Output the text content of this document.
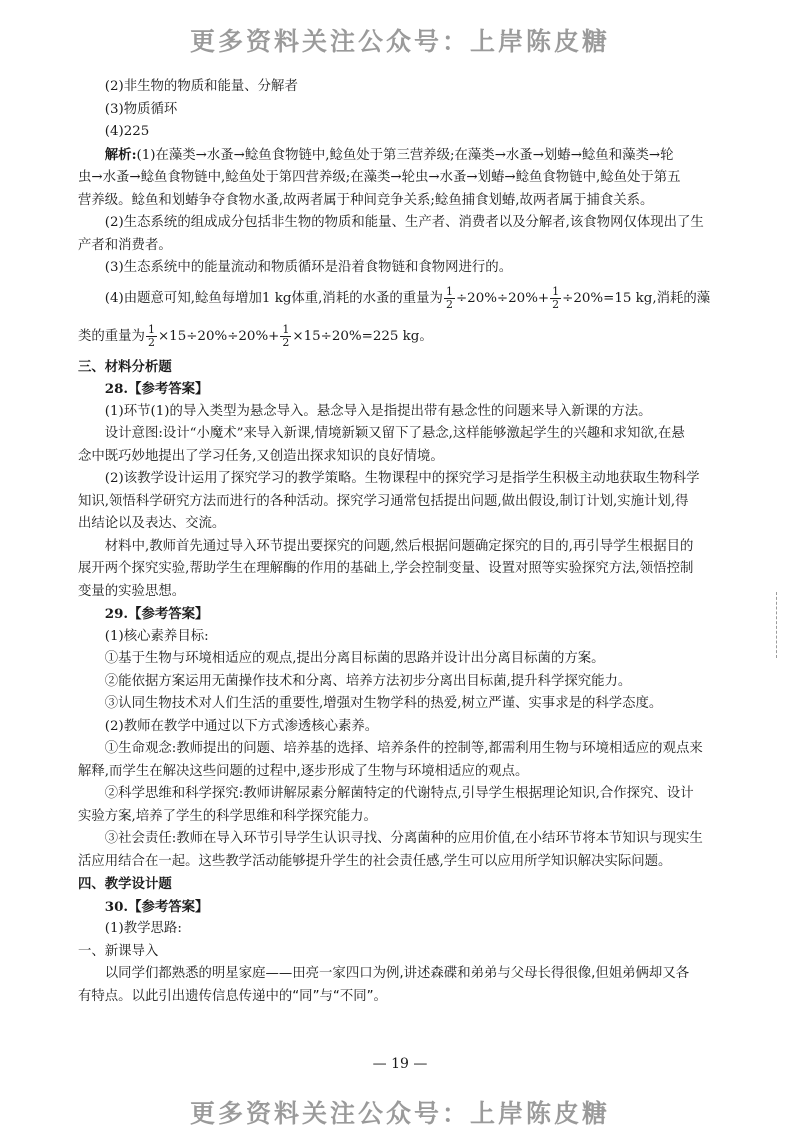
更多资料关注公众号：上岸陈皮糖
(2)非生物的物质和能量、分解者
(3)物质循环
(4)225
解析:(1)在藻类→水蚤→鲶鱼食物链中,鲶鱼处于第三营养级;在藻类→水蚤→划蝽→鲶鱼和藻类→轮
虫→水蚤→鲶鱼食物链中,鲶鱼处于第四营养级;在藻类→轮虫→水蚤→划蝽→鲶鱼食物链中,鲶鱼处于第五
营养级。鲶鱼和划蝽争夺食物水蚤,故两者属于种间竞争关系;鲶鱼捕食划蝽,故两者属于捕食关系。
(2)生态系统的组成成分包括非生物的物质和能量、生产者、消费者以及分解者,该食物网仅体现出了生
产者和消费者。
(3)生态系统中的能量流动和物质循环是沿着食物链和食物网进行的。
(4)由题意可知,鲶鱼每增加1 kg体重,消耗的水蚤的重量为 $\frac{1}{2} \div 20\%\div 20\%+ \frac{1}{2} \div 20\%=15$ kg,消耗的藻
类的重量为 $\frac{1}{2} \times 15\div 20\%\div 20\%+ \frac{1}{2} \times 15\div 20\%=225$ kg。
三、材料分析题
28.【参考答案】
(1)环节(1)的导入类型为悬念导入。悬念导入是指提出带有悬念性的问题来导入新课的方法。
设计意图:设计“小魔术”来导入新课,情境新颖又留下了悬念,这样能够激起学生的兴趣和求知欲,在悬
念中既巧妙地提出了学习任务,又创造出探求知识的良好情境。
(2)该教学设计运用了探究学习的教学策略。生物课程中的探究学习是指学生积极主动地获取生物科学
知识,领悟科学研究方法而进行的各种活动。探究学习通常包括提出问题,做出假设,制订计划,实施计划,得
出结论以及表达、交流。
材料中,教师首先通过导入环节提出要探究的问题,然后根据问题确定探究的目的,再引导学生根据目的
展开两个探究实验,帮助学生在理解酶的作用的基础上,学会控制变量、设置对照等实验探究方法,领悟控制
变量的实验思想。
29.【参考答案】
(1)核心素养目标:
①基于生物与环境相适应的观点,提出分离目标菌的思路并设计出分离目标菌的方案。
②能依据方案运用无菌操作技术和分离、培养方法初步分离出目标菌,提升科学探究能力。
③认同生物技术对人们生活的重要性,增强对生物学科的热爱,树立严谨、实事求是的科学态度。
(2)教师在教学中通过以下方式渗透核心素养。
①生命观念:教师提出的问题、培养基的选择、培养条件的控制等,都需利用生物与环境相适应的观点来
解释,而学生在解决这些问题的过程中,逐步形成了生物与环境相适应的观点。
②科学思维和科学探究:教师讲解尿素分解菌特定的代谢特点,引导学生根据理论知识,合作探究、设计
实验方案,培养了学生的科学思维和科学探究能力。
③社会责任:教师在导入环节引导学生认识寻找、分离菌种的应用价值,在小结环节将本节知识与现实生
活应用结合在一起。这些教学活动能够提升学生的社会责任感,学生可以应用所学知识解决实际问题。
四、教学设计题
30.【参考答案】
(1)教学思路:
一、新课导入
以同学们都熟悉的明星家庭——田亮一家四口为例,讲述森碟和弟弟与父母长得很像,但姐弟俩却又各
有特点。以此引出遗传信息传递中的“同”与“不同”。
— 19 —
更多资料关注公众号：上岸陈皮糖
